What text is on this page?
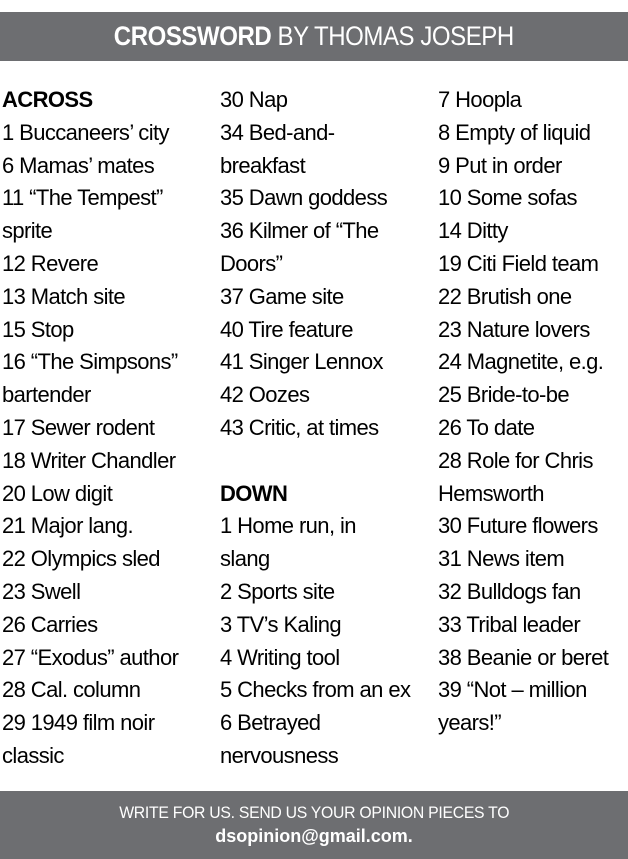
CROSSWORD BY THOMAS JOSEPH
ACROSS
1 Buccaneers’ city
6 Mamas’ mates
11 “The Tempest”
sprite
12 Revere
13 Match site
15 Stop
16 “The Simpsons”
bartender
17 Sewer rodent
18 Writer Chandler
20 Low digit
21 Major lang.
22 Olympics sled
23 Swell
26 Carries
27 “Exodus” author
28 Cal. column
29 1949 film noir
classic
30 Nap
34 Bed-and-
breakfast
35 Dawn goddess
36 Kilmer of “The
Doors”
37 Game site
40 Tire feature
41 Singer Lennox
42 Oozes
43 Critic, at times
DOWN
1 Home run, in
slang
2 Sports site
3 TV’s Kaling
4 Writing tool
5 Checks from an ex
6 Betrayed
nervousness
7 Hoopla
8 Empty of liquid
9 Put in order
10 Some sofas
14 Ditty
19 Citi Field team
22 Brutish one
23 Nature lovers
24 Magnetite, e.g.
25 Bride-to-be
26 To date
28 Role for Chris
Hemsworth
30 Future flowers
31 News item
32 Bulldogs fan
33 Tribal leader
38 Beanie or beret
39 “Not – million
years!”
WRITE FOR US. SEND US YOUR OPINION PIECES TO
dsopinion@gmail.com.
